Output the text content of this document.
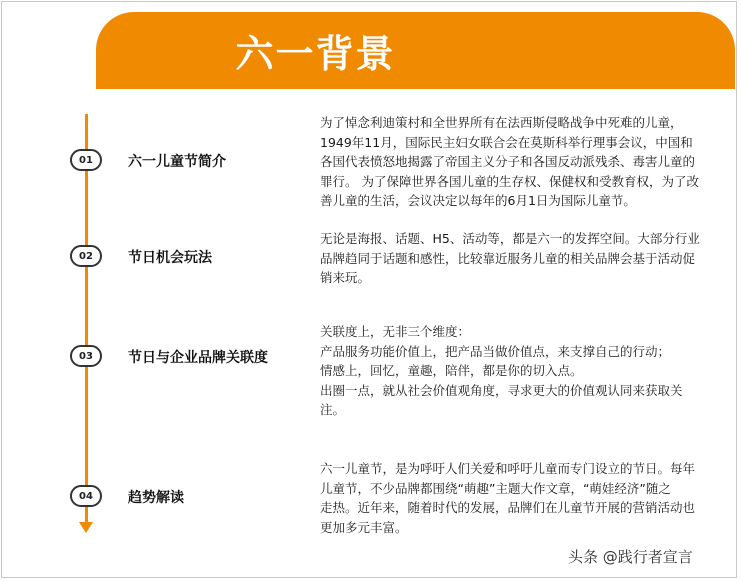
六一背景
01	六一儿童节简介
为了悼念利迪策村和全世界所有在法西斯侵略战争中死难的儿童，
1949年11月，国际民主妇女联合会在莫斯科举行理事会议，中国和
各国代表愤怒地揭露了帝国主义分子和各国反动派残杀、毒害儿童的
罪行。 为了保障世界各国儿童的生存权、保健权和受教育权，为了改
善儿童的生活，会议决定以每年的6月1日为国际儿童节。
02	节日机会玩法
无论是海报、话题、H5、活动等，都是六一的发挥空间。大部分行业
品牌趋同于话题和感性，比较靠近服务儿童的相关品牌会基于活动促
销来玩。
03	节日与企业品牌关联度
关联度上，无非三个维度：
产品服务功能价值上，把产品当做价值点，来支撑自己的行动；
情感上，回忆，童趣，陪伴，都是你的切入点。
出圈一点，就从社会价值观角度，寻求更大的价值观认同来获取关
注。
04	趋势解读
六一儿童节，是为呼吁人们关爱和呼吁儿童而专门设立的节日。每年
儿童节，不少品牌都围绕“萌趣”主题大作文章，“萌娃经济”随之
走热。近年来，随着时代的发展，品牌们在儿童节开展的营销活动也
更加多元丰富。
头条 @践行者宣言
